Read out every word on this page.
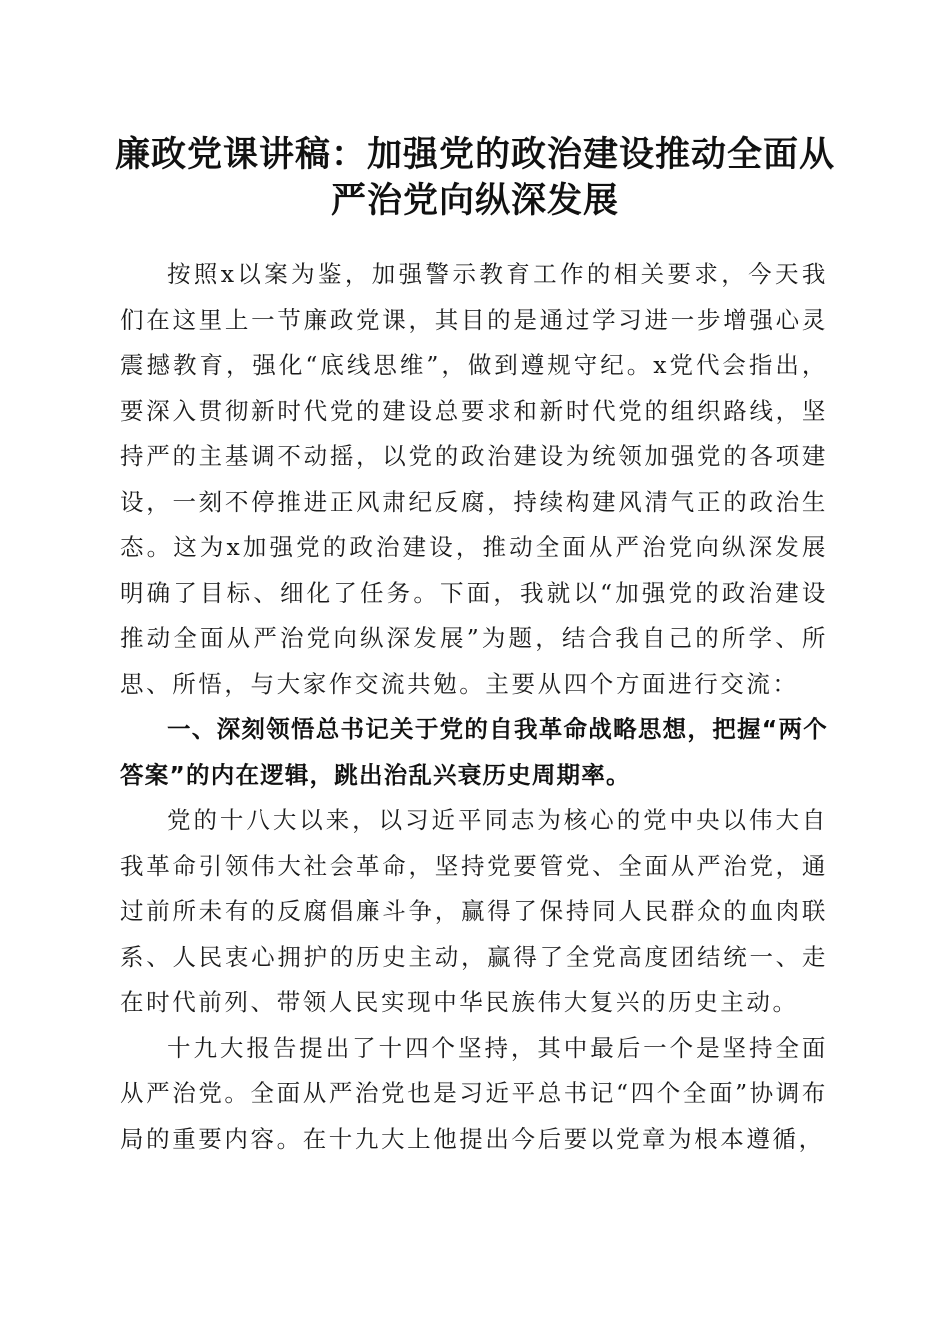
廉政党课讲稿：加强党的政治建设推动全面从
严治党向纵深发展

按照x以案为鉴，加强警示教育工作的相关要求，今天我们在这里上一节廉政党课，其目的是通过学习进一步增强心灵震撼教育，强化“底线思维”，做到遵规守纪。x党代会指出，要深入贯彻新时代党的建设总要求和新时代党的组织路线，坚持严的主基调不动摇，以党的政治建设为统领加强党的各项建设，一刻不停推进正风肃纪反腐，持续构建风清气正的政治生态。这为x加强党的政治建设，推动全面从严治党向纵深发展明确了目标、细化了任务。下面，我就以“加强党的政治建设推动全面从严治党向纵深发展”为题，结合我自己的所学、所思、所悟，与大家作交流共勉。主要从四个方面进行交流：

一、深刻领悟总书记关于党的自我革命战略思想，把握“两个答案”的内在逻辑，跳出治乱兴衰历史周期率。

党的十八大以来，以习近平同志为核心的党中央以伟大自我革命引领伟大社会革命，坚持党要管党、全面从严治党，通过前所未有的反腐倡廉斗争，赢得了保持同人民群众的血肉联系、人民衷心拥护的历史主动，赢得了全党高度团结统一、走在时代前列、带领人民实现中华民族伟大复兴的历史主动。

十九大报告提出了十四个坚持，其中最后一个是坚持全面从严治党。全面从严治党也是习近平总书记“四个全面”协调布局的重要内容。在十九大上他提出今后要以党章为根本遵循，
